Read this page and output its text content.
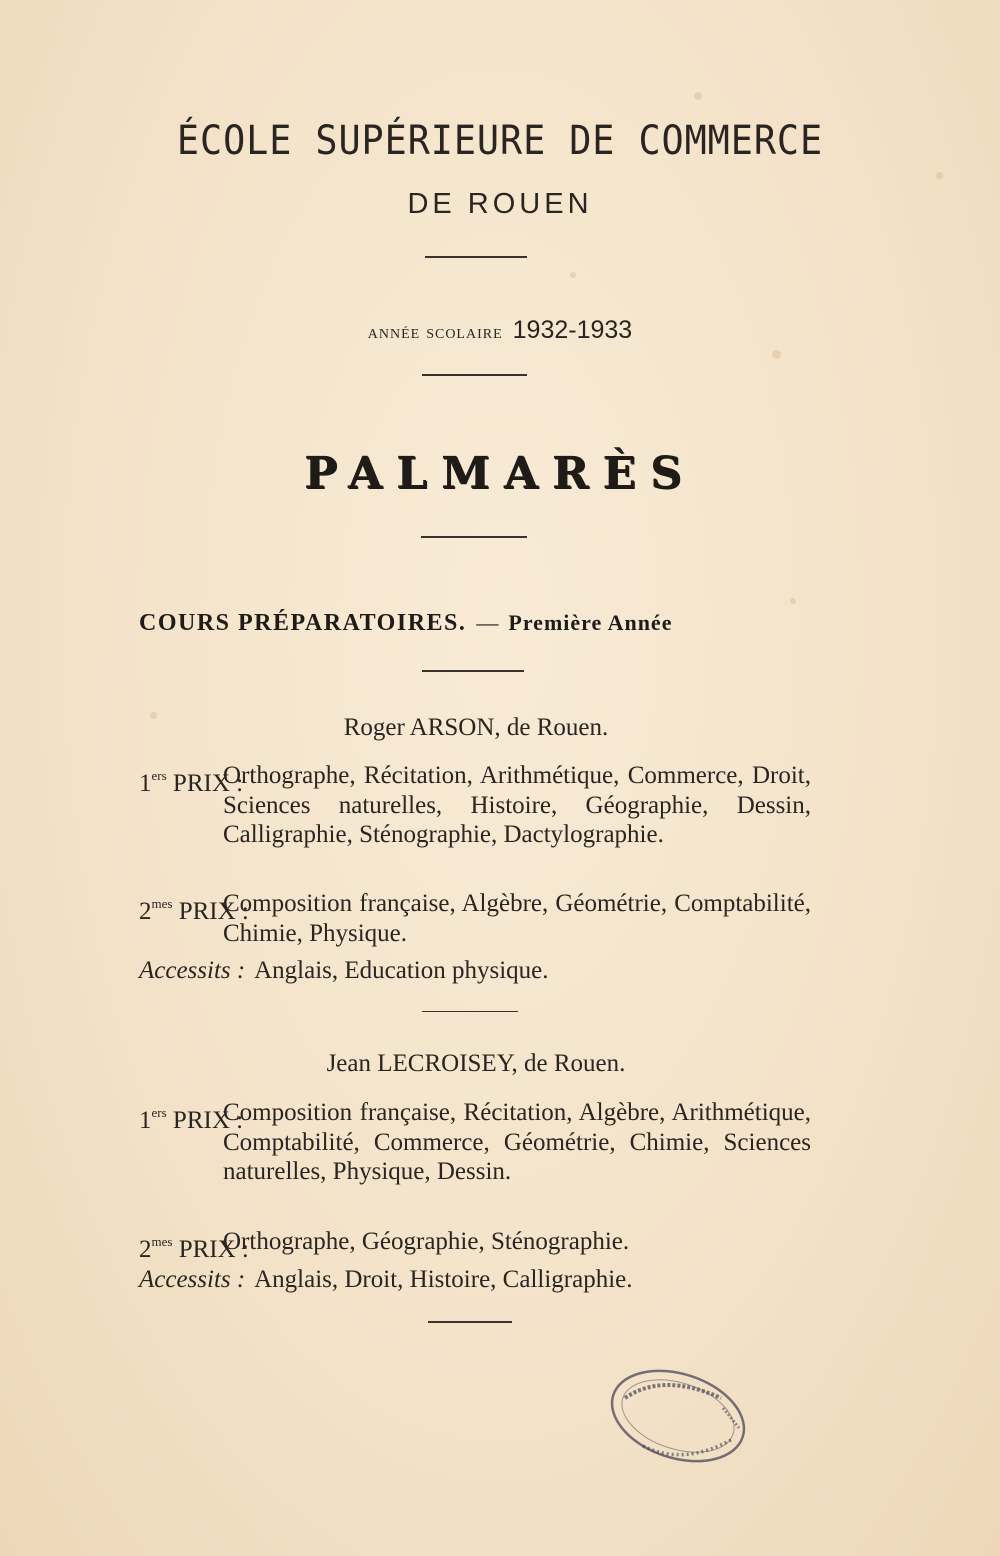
ÉCOLE SUPÉRIEURE DE COMMERCE
DE ROUEN
année scolaire 1932-1933
PALMARÈS
COURS PRÉPARATOIRES. — Première Année
Roger ARSON, de Rouen.
1ers PRIX :
Orthographe, Récitation, Arithmétique, Commerce, Droit, Sciences naturelles, Histoire, Géographie, Dessin, Calligraphie, Sténographie, Dactylographie.
$2^{mes}$ PRIX :
Composition française, Algèbre, Géométrie, Comptabilité, Chimie, Physique.
Accessits : Anglais, Education physique.
Jean LECROISEY, de Rouen.
1ers PRIX :
Composition française, Récitation, Algèbre, Arithmétique, Comptabilité, Commerce, Géométrie, Chimie, Sciences naturelles, Physique, Dessin.
$2^{mes}$ PRIX :
Orthographe, Géographie, Sténographie.
Accessits : Anglais, Droit, Histoire, Calligraphie.
